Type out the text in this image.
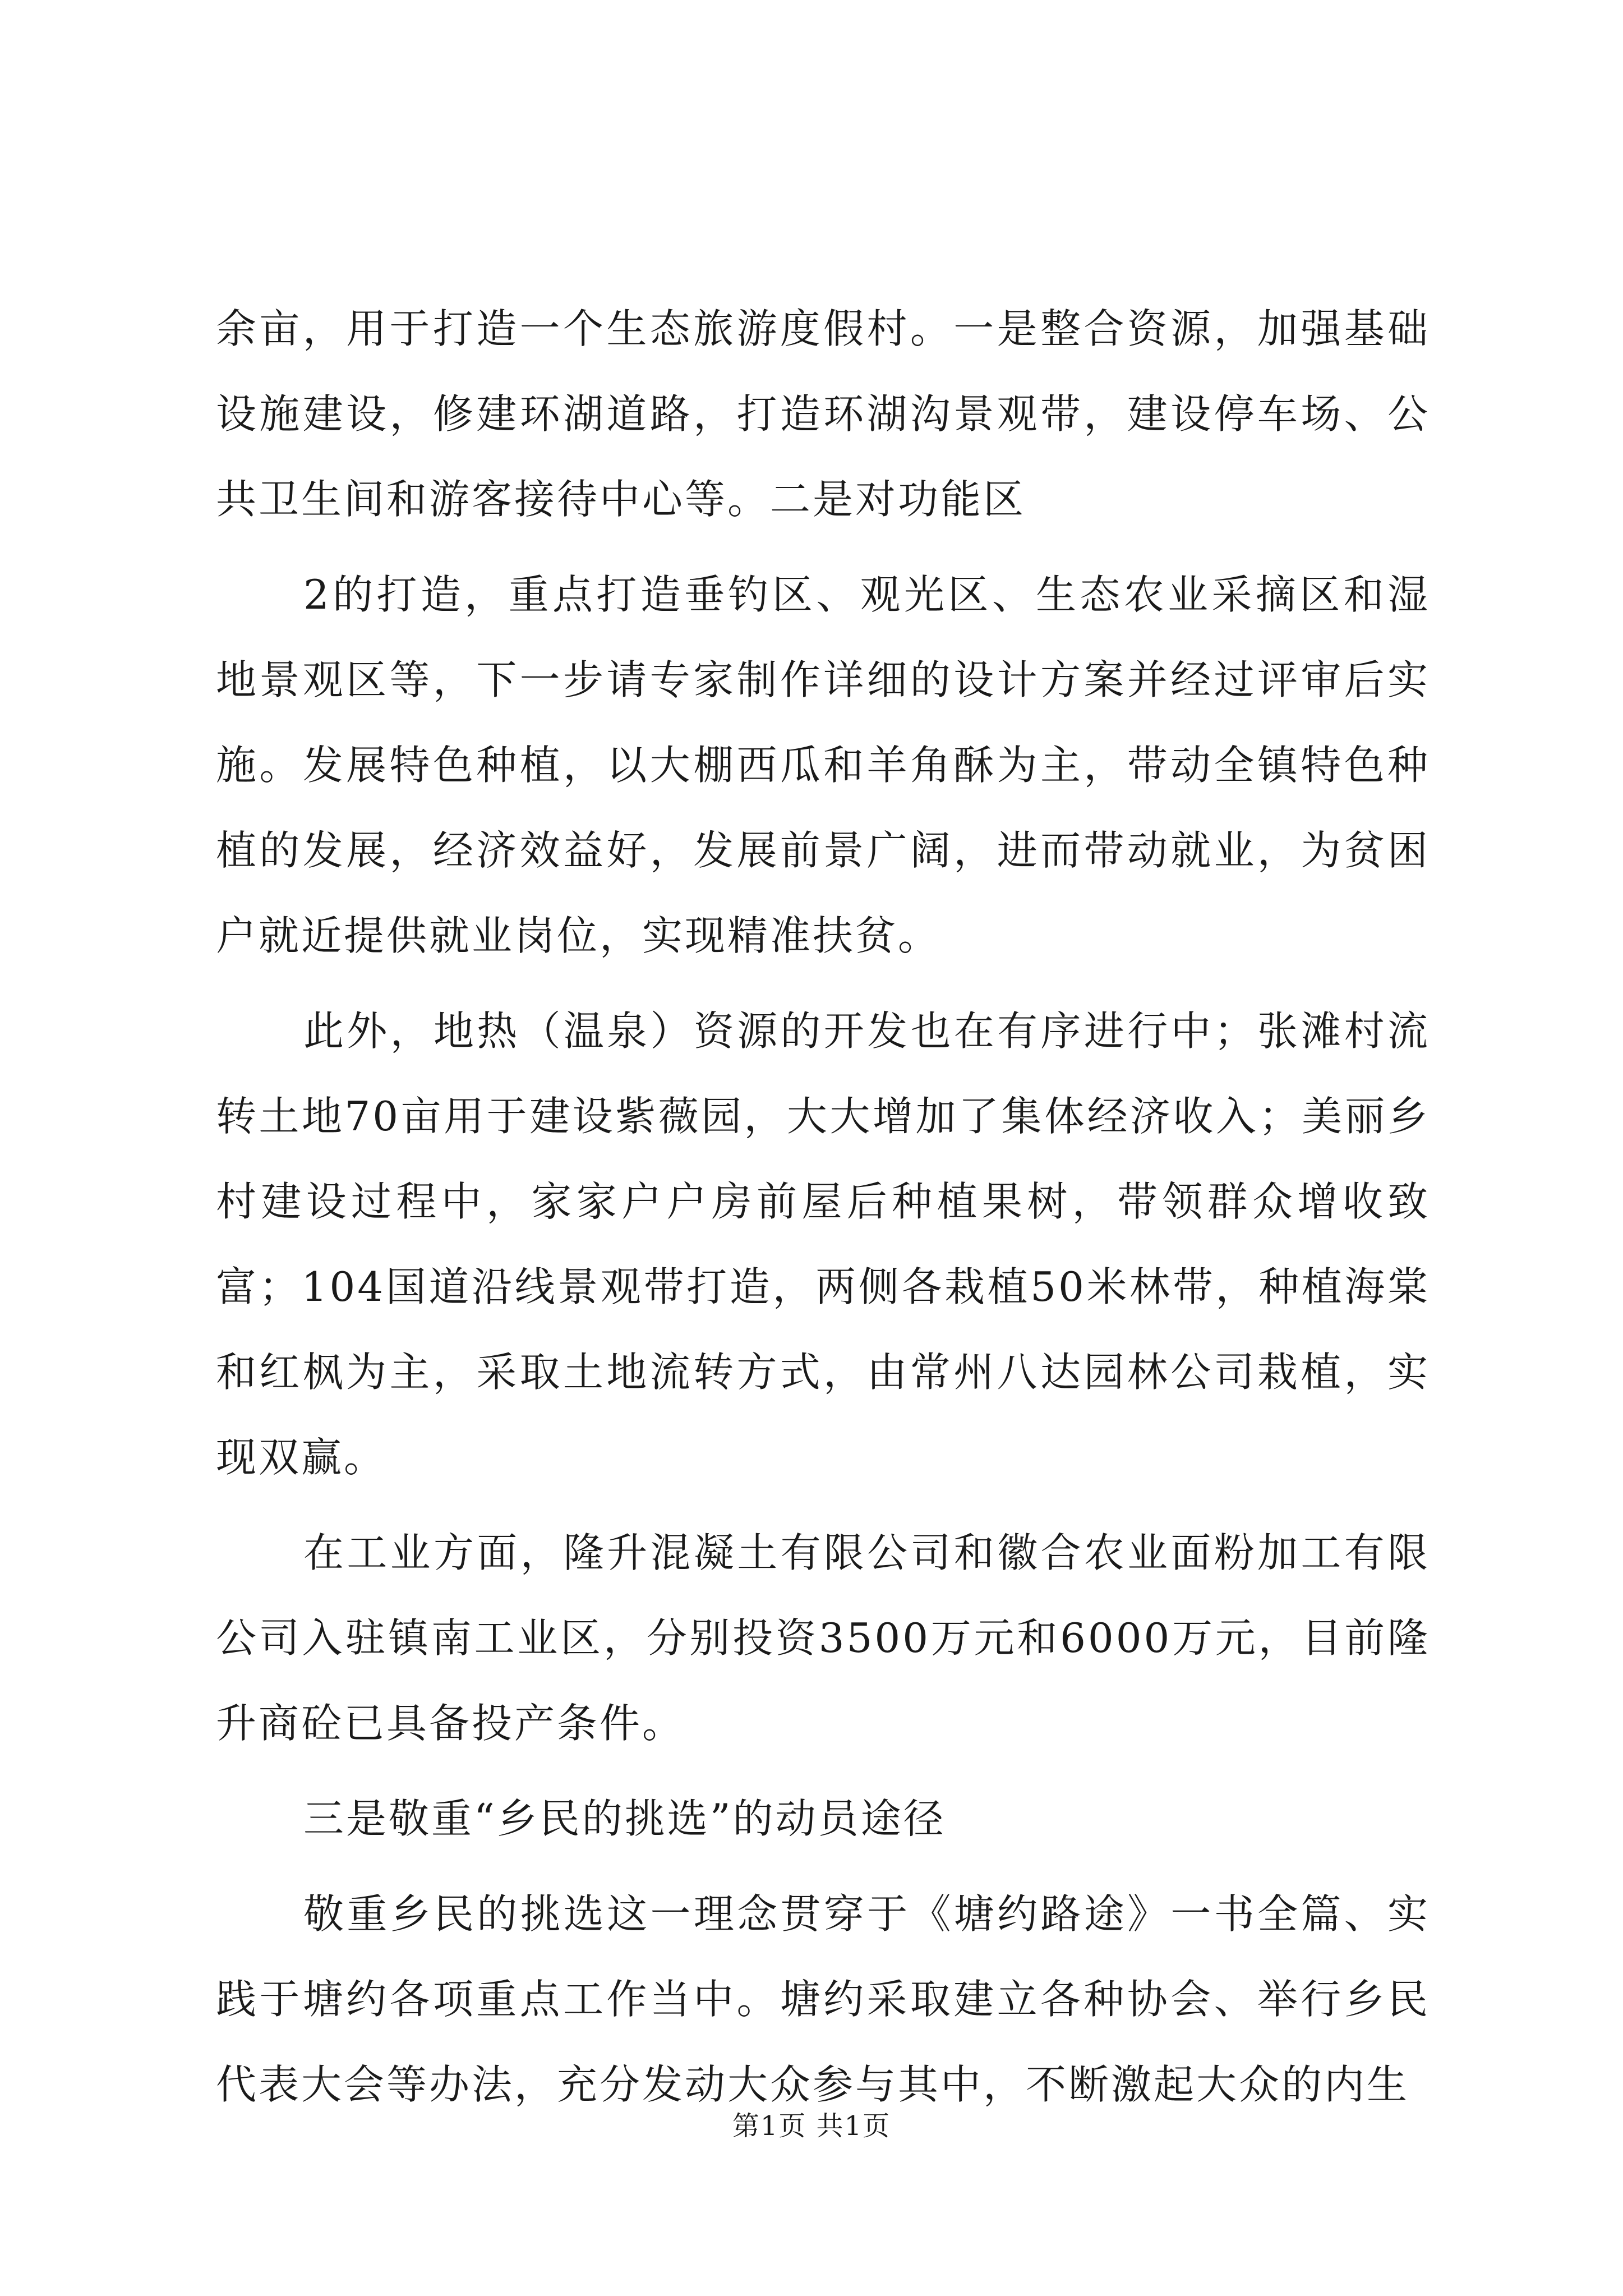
余亩，用于打造一个生态旅游度假村。一是整合资源，加强基础设施建设，修建环湖道路，打造环湖沟景观带，建设停车场、公共卫生间和游客接待中心等。二是对功能区

2的打造，重点打造垂钓区、观光区、生态农业采摘区和湿地景观区等，下一步请专家制作详细的设计方案并经过评审后实施。发展特色种植，以大棚西瓜和羊角酥为主，带动全镇特色种植的发展，经济效益好，发展前景广阔，进而带动就业，为贫困户就近提供就业岗位，实现精准扶贫。

此外，地热（温泉）资源的开发也在有序进行中；张滩村流转土地70亩用于建设紫薇园，大大增加了集体经济收入；美丽乡村建设过程中，家家户户房前屋后种植果树，带领群众增收致富；104国道沿线景观带打造，两侧各栽植50米林带，种植海棠和红枫为主，采取土地流转方式，由常州八达园林公司栽植，实现双赢。

在工业方面，隆升混凝土有限公司和徽合农业面粉加工有限公司入驻镇南工业区，分别投资3500万元和6000万元，目前隆升商砼已具备投产条件。

三是敬重“乡民的挑选”的动员途径

敬重乡民的挑选这一理念贯穿于《塘约路途》一书全篇、实践于塘约各项重点工作当中。塘约采取建立各种协会、举行乡民代表大会等办法，充分发动大众参与其中，不断激起大众的内生

第1页 共1页
